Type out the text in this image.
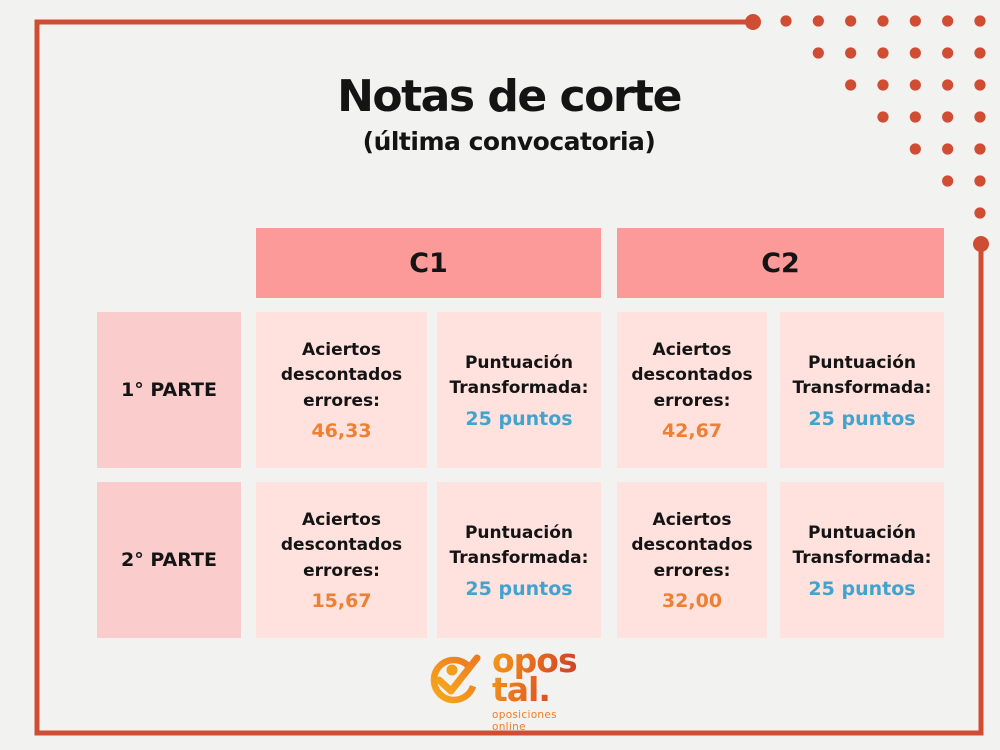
Notas de corte
(última convocatoria)
C1	C2
1° PARTE
Aciertos descontados errores:
46,33
Puntuación Transformada:
25 puntos
Aciertos descontados errores:
42,67
Puntuación Transformada:
25 puntos
2° PARTE
Aciertos descontados errores:
15,67
Puntuación Transformada:
25 puntos
Aciertos descontados errores:
32,00
Puntuación Transformada:
25 puntos
opos
tal.
oposiciones
online
